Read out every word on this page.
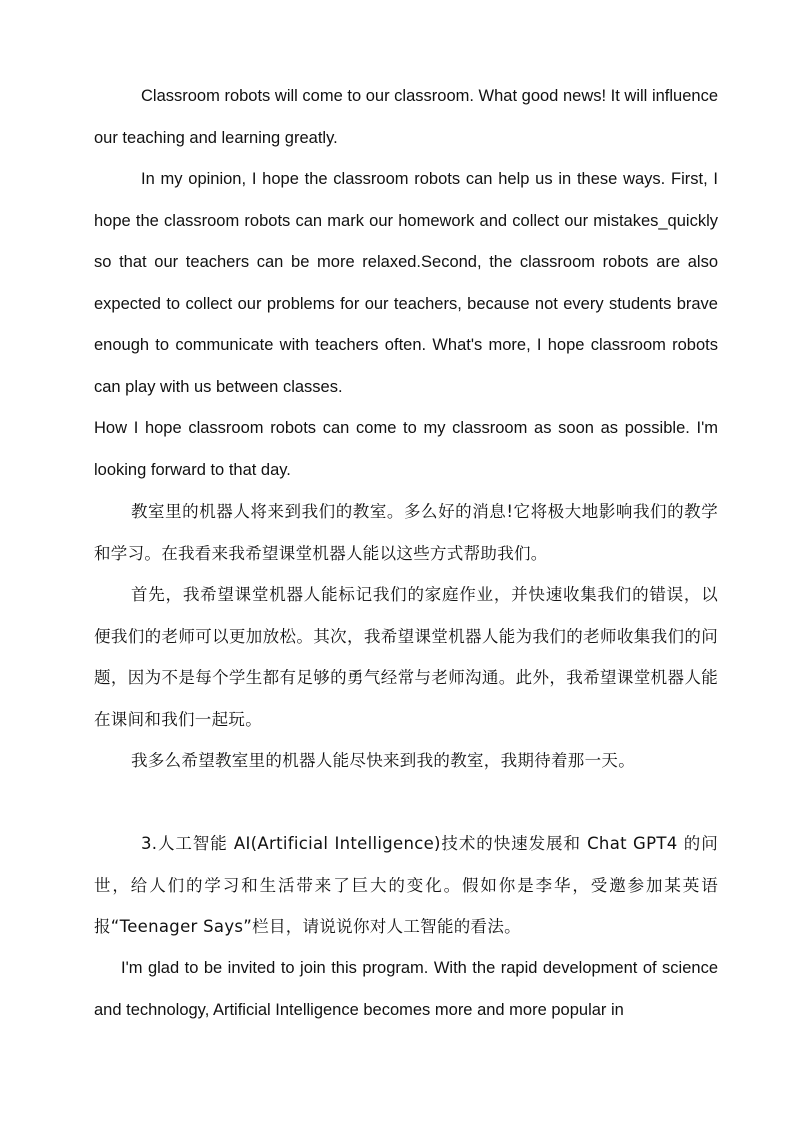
Classroom robots will come to our classroom. What good news! It will influence our teaching and learning greatly.

In my opinion, I hope the classroom robots can help us in these ways. First, I hope the classroom robots can mark our homework and collect our mistakes_quickly so that our teachers can be more relaxed.Second, the classroom robots are also expected to collect our problems for our teachers, because not every students brave enough to communicate with teachers often. What's more, I hope classroom robots can play with us between classes.

How I hope classroom robots can come to my classroom as soon as possible. I'm looking forward to that day.

教室里的机器人将来到我们的教室。多么好的消息!它将极大地影响我们的教学和学习。在我看来我希望课堂机器人能以这些方式帮助我们。

首先，我希望课堂机器人能标记我们的家庭作业，并快速收集我们的错误，以便我们的老师可以更加放松。其次，我希望课堂机器人能为我们的老师收集我们的问题，因为不是每个学生都有足够的勇气经常与老师沟通。此外，我希望课堂机器人能在课间和我们一起玩。

我多么希望教室里的机器人能尽快来到我的教室，我期待着那一天。

3.人工智能 AI(Artificial Intelligence)技术的快速发展和 Chat GPT4 的问世，给人们的学习和生活带来了巨大的变化。假如你是李华，受邀参加某英语报“Teenager Says”栏目，请说说你对人工智能的看法。

I'm glad to be invited to join this program. With the rapid development of science and technology, Artificial Intelligence becomes more and more popular in
